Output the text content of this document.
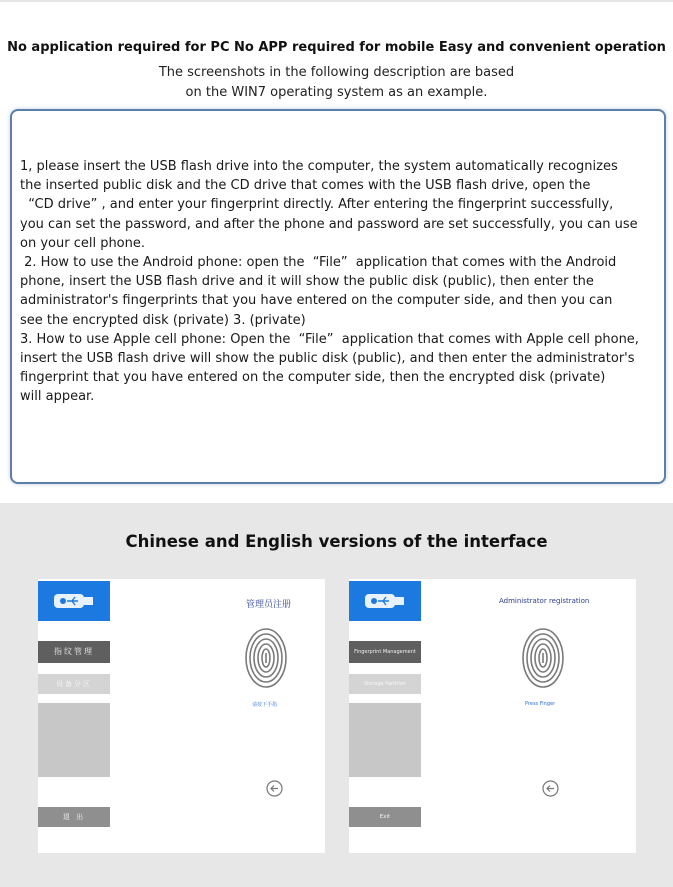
No application required for PC No APP required for mobile Easy and convenient operation
The screenshots in the following description are based
on the WIN7 operating system as an example.

1, please insert the USB flash drive into the computer, the system automatically recognizes
the inserted public disk and the CD drive that comes with the USB flash drive, open the
“CD drive” , and enter your fingerprint directly. After entering the fingerprint successfully,
you can set the password, and after the phone and password are set successfully, you can use
on your cell phone.

2. How to use the Android phone: open the  “File”  application that comes with the Android
phone, insert the USB flash drive and it will show the public disk (public), then enter the
administrator's fingerprints that you have entered on the computer side, and then you can
see the encrypted disk (private) 3. (private)

3. How to use Apple cell phone: Open the  “File”  application that comes with Apple cell phone,
insert the USB flash drive will show the public disk (public), and then enter the administrator's
fingerprint that you have entered on the computer side, then the encrypted disk (private)
will appear.

Chinese and English versions of the interface
指纹管理
设备分区
退 出
管理员注册
请按下手指
Fingerprint Management
Storage Partition
Exit
Administrator registration
Press Finger
